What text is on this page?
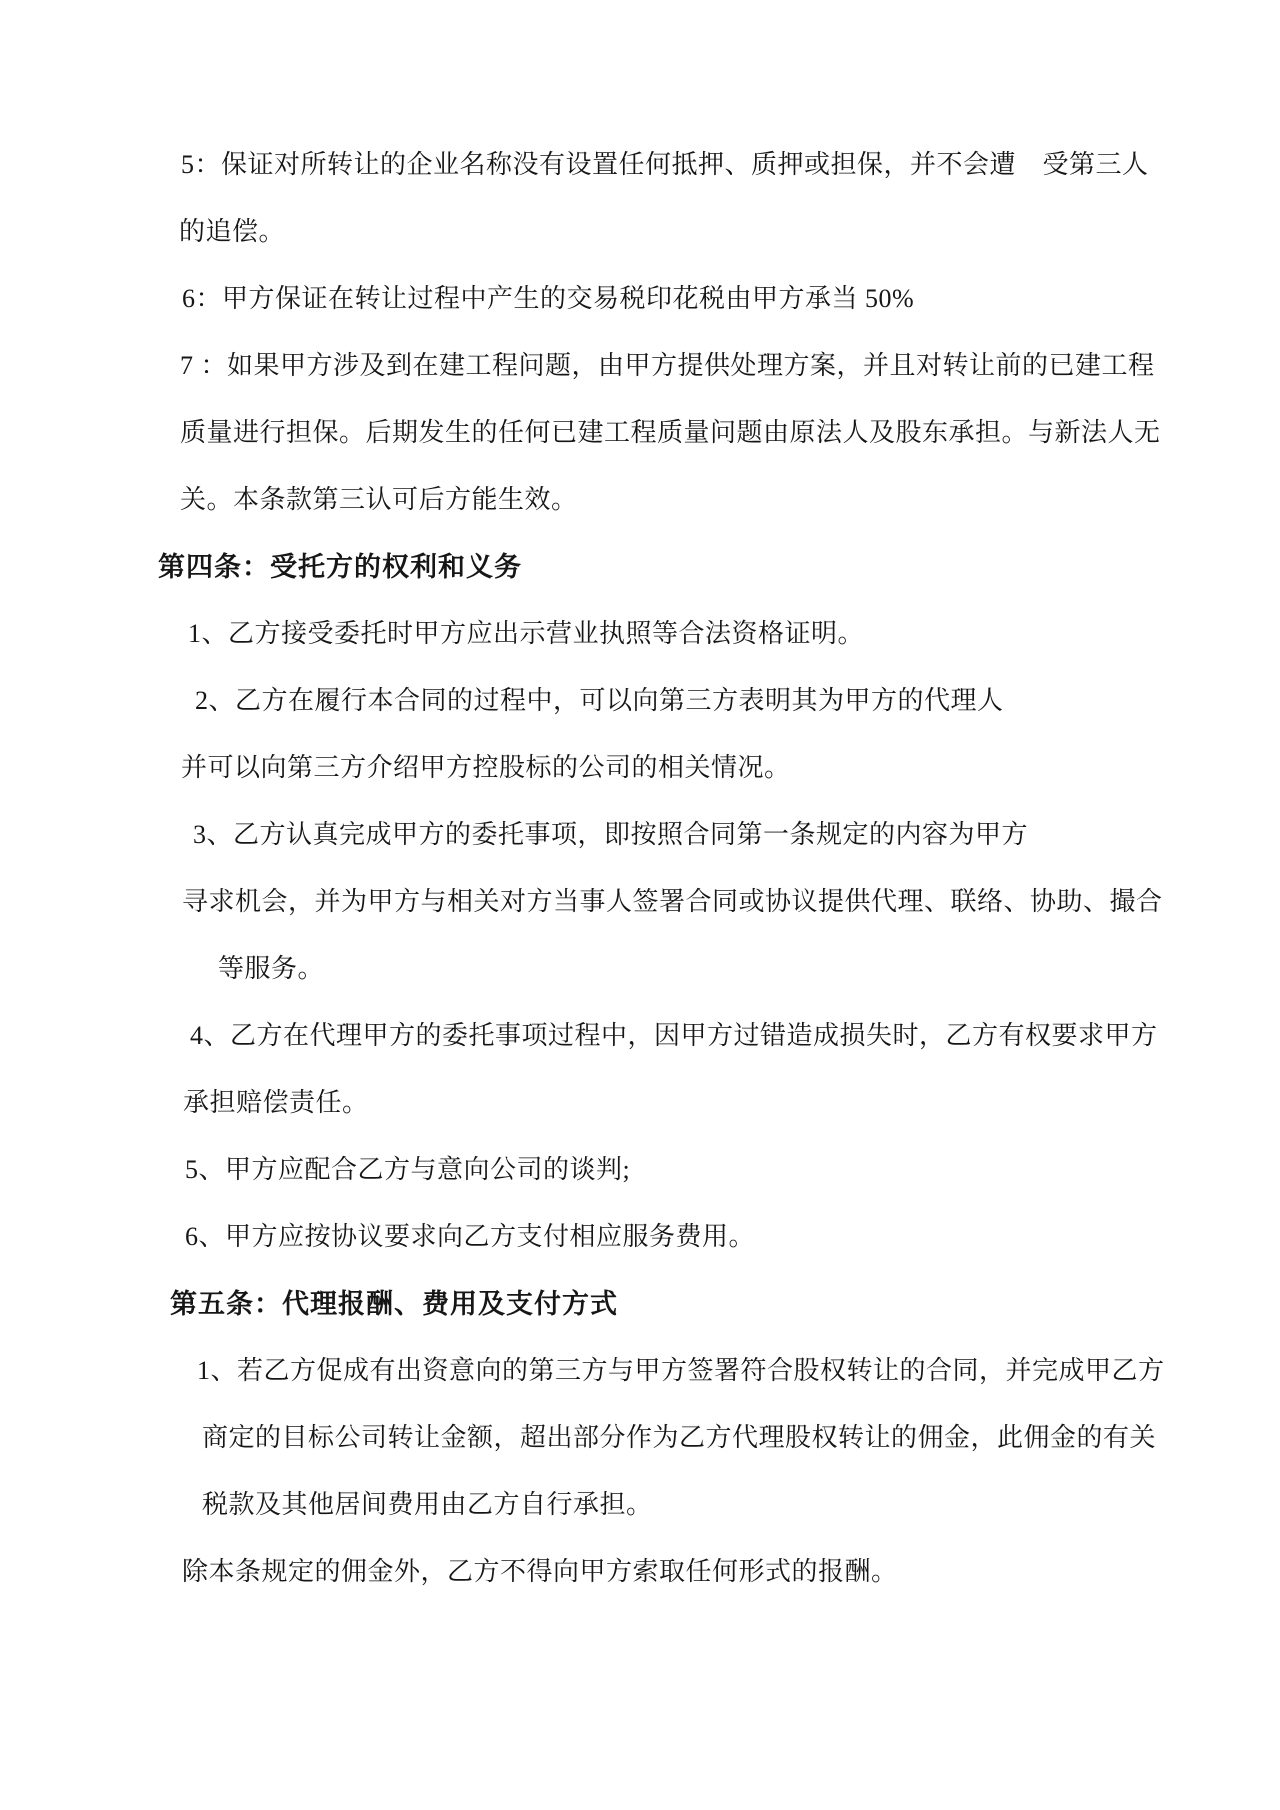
5：保证对所转让的企业名称没有设置任何抵押、质押或担保，并不会遭　受第三人
的追偿。
6：甲方保证在转让过程中产生的交易税印花税由甲方承当 50%
7 ：如果甲方涉及到在建工程问题，由甲方提供处理方案，并且对转让前的已建工程
质量进行担保。后期发生的任何已建工程质量问题由原法人及股东承担。与新法人无
关。本条款第三认可后方能生效。
第四条：受托方的权利和义务
1、乙方接受委托时甲方应出示营业执照等合法资格证明。
2、乙方在履行本合同的过程中，可以向第三方表明其为甲方的代理人
并可以向第三方介绍甲方控股标的公司的相关情况。
3、乙方认真完成甲方的委托事项，即按照合同第一条规定的内容为甲方
寻求机会，并为甲方与相关对方当事人签署合同或协议提供代理、联络、协助、撮合
等服务。
4、乙方在代理甲方的委托事项过程中，因甲方过错造成损失时，乙方有权要求甲方
承担赔偿责任。
5、甲方应配合乙方与意向公司的谈判;
6、甲方应按协议要求向乙方支付相应服务费用。
第五条：代理报酬、费用及支付方式
1、若乙方促成有出资意向的第三方与甲方签署符合股权转让的合同，并完成甲乙方
商定的目标公司转让金额，超出部分作为乙方代理股权转让的佣金，此佣金的有关
税款及其他居间费用由乙方自行承担。
除本条规定的佣金外，乙方不得向甲方索取任何形式的报酬。
